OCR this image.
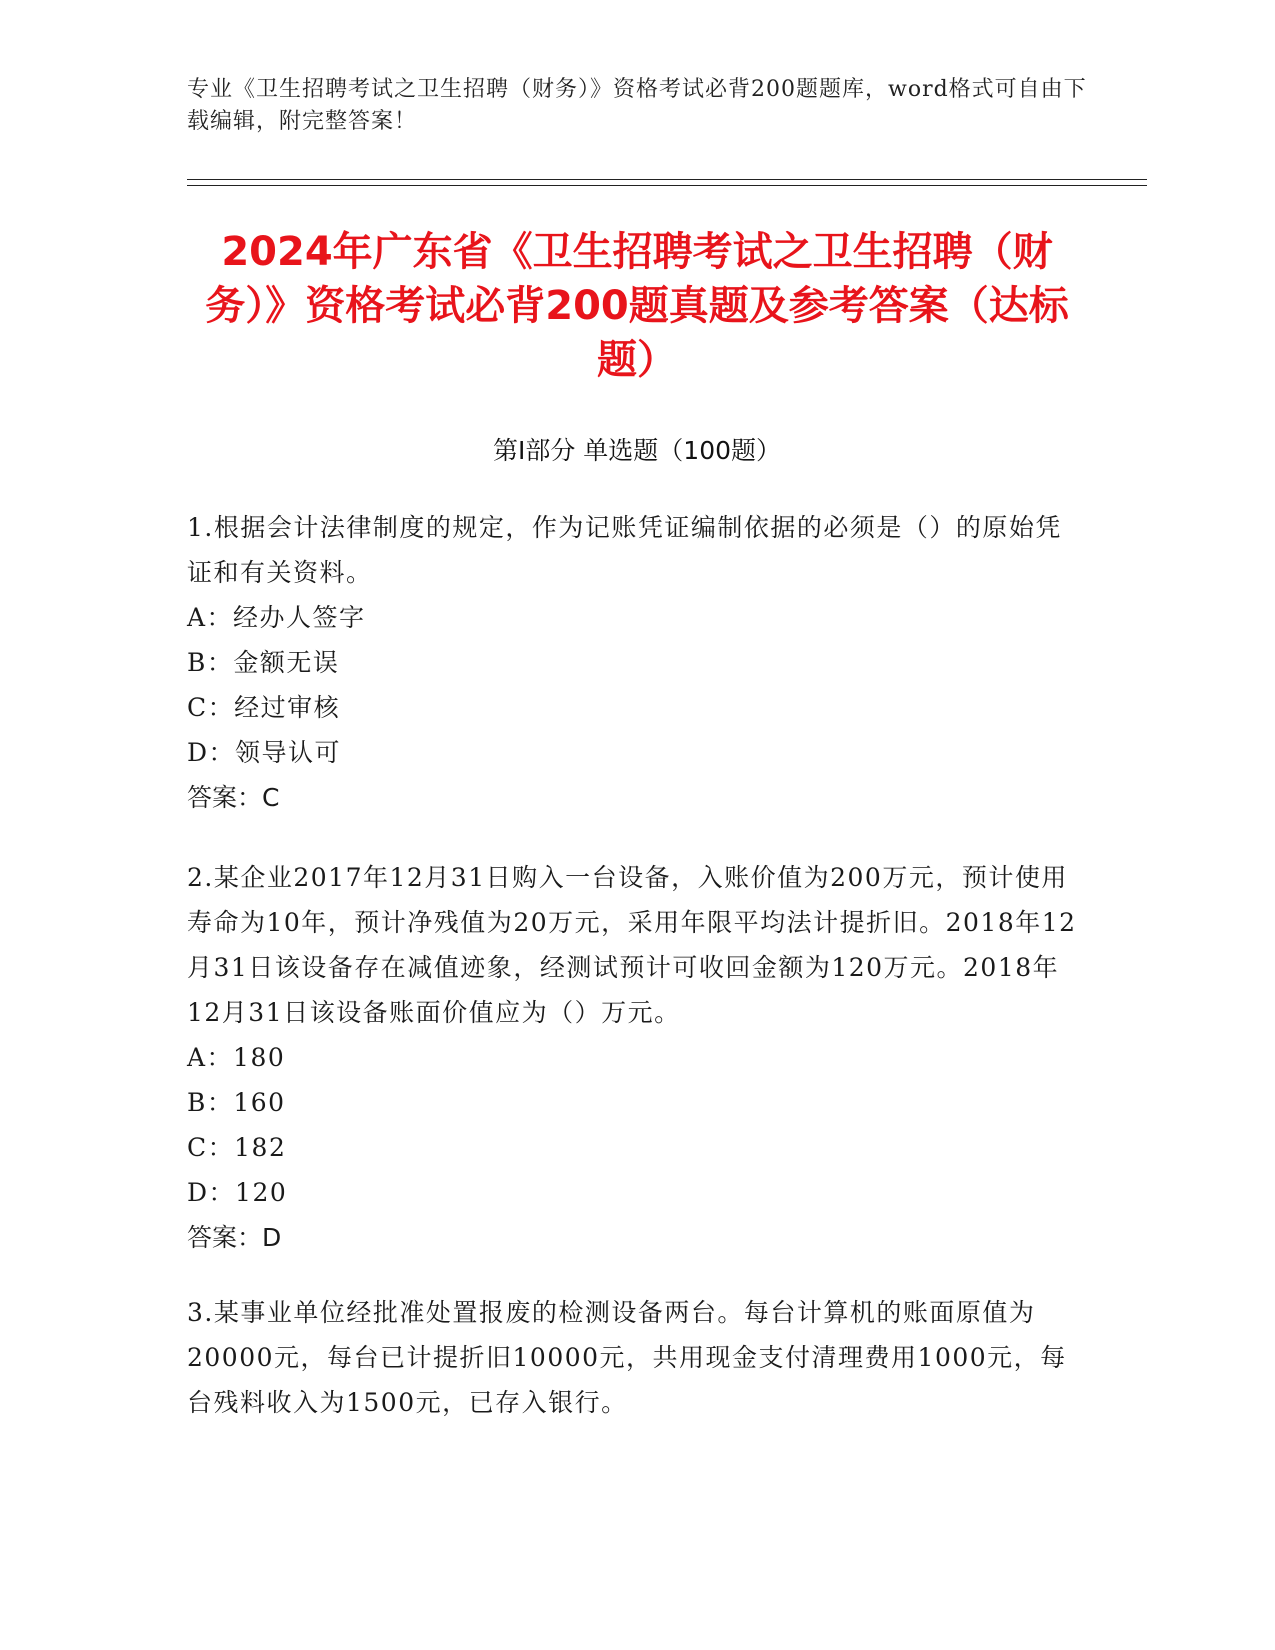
专业《卫生招聘考试之卫生招聘（财务）》资格考试必背200题题库，word格式可自由下载编辑，附完整答案！
2024年广东省《卫生招聘考试之卫生招聘（财务）》资格考试必背200题真题及参考答案（达标题）
第I部分 单选题（100题）

1.根据会计法律制度的规定，作为记账凭证编制依据的必须是（）的原始凭证和有关资料。

A：经办人签字

B：金额无误

C：经过审核

D：领导认可

答案：C

2.某企业2017年12月31日购入一台设备，入账价值为200万元，预计使用寿命为10年，预计净残值为20万元，采用年限平均法计提折旧。2018年12月31日该设备存在减值迹象，经测试预计可收回金额为120万元。2018年12月31日该设备账面价值应为（）万元。

A：180

B：160

C：182

D：120

答案：D

3.某事业单位经批准处置报废的检测设备两台。每台计算机的账面原值为20000元，每台已计提折旧10000元，共用现金支付清理费用1000元，每台残料收入为1500元，已存入银行。
